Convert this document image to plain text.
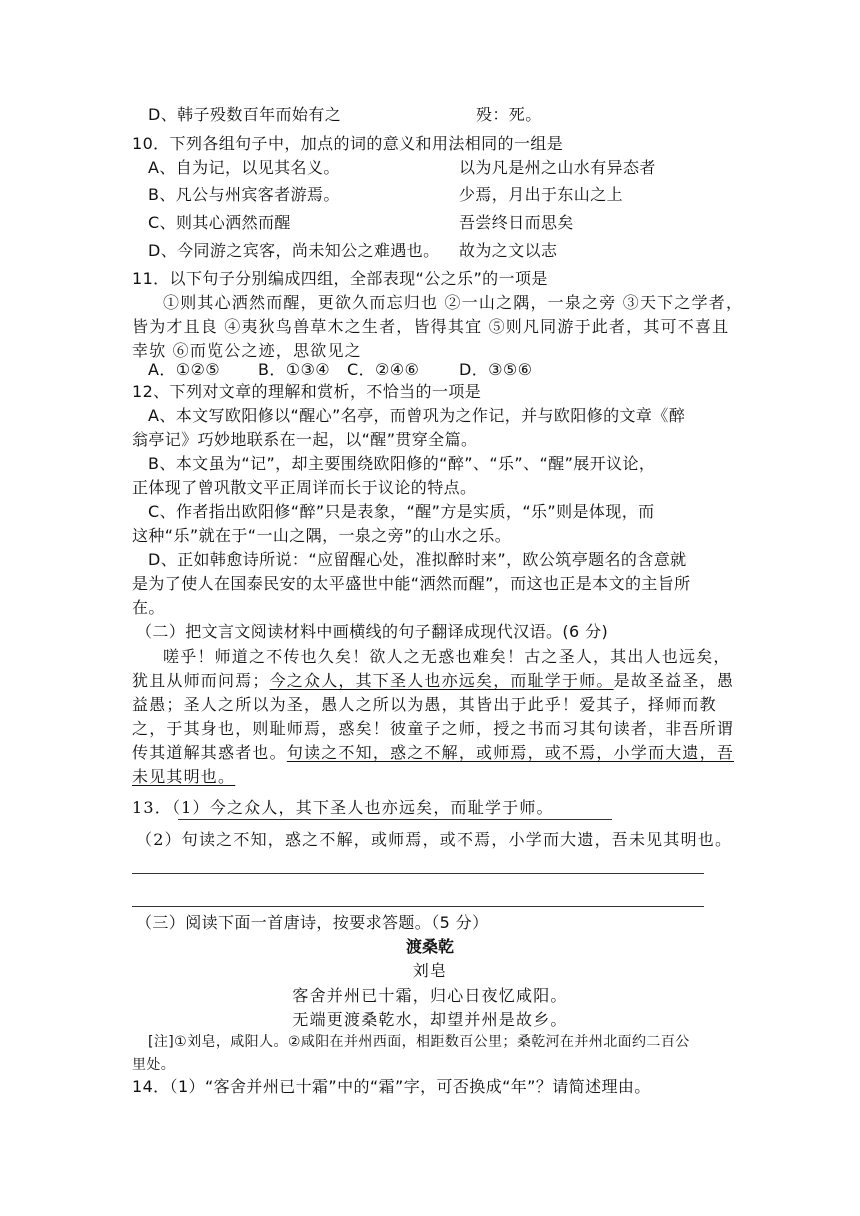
D、韩子殁数百年而始有之	殁：死。
10．下列各组句子中，加点的词的意义和用法相同的一组是
A、自为记，以见其名义。	以为凡是州之山水有异态者
B、凡公与州宾客者游焉。	少焉，月出于东山之上
C、则其心洒然而醒	吾尝终日而思矣
D、今同游之宾客，尚未知公之难遇也。 故为之文以志
11．以下句子分别编成四组，全部表现“公之乐”的一项是
①则其心洒然而醒，更欲久而忘归也 ②一山之隅，一泉之旁 ③天下之学者，
皆为才且良 ④夷狄鸟兽草木之生者，皆得其宜 ⑤则凡同游于此者，其可不喜且
幸欤 ⑥而览公之迹，思欲见之
A．①②⑤ B．①③④ C．②④⑥ D．③⑤⑥
12、下列对文章的理解和赏析，不恰当的一项是
A、本文写欧阳修以“醒心”名亭，而曾巩为之作记，并与欧阳修的文章《醉
翁亭记》巧妙地联系在一起，以“醒”贯穿全篇。
B、本文虽为“记”，却主要围绕欧阳修的“醉”、“乐”、“醒”展开议论，
正体现了曾巩散文平正周详而长于议论的特点。
C、作者指出欧阳修“醉”只是表象，“醒”方是实质，“乐”则是体现，而
这种“乐”就在于“一山之隅，一泉之旁”的山水之乐。
D、正如韩愈诗所说：“应留醒心处，准拟醉时来”，欧公筑亭题名的含意就
是为了使人在国泰民安的太平盛世中能“洒然而醒”，而这也正是本文的主旨所
在。
（二）把文言文阅读材料中画横线的句子翻译成现代汉语。(6 分)
嗟乎！师道之不传也久矣！欲人之无惑也难矣！古之圣人，其出人也远矣，
犹且从师而问焉；今之众人，其下圣人也亦远矣，而耻学于师。是故圣益圣，愚
益愚；圣人之所以为圣，愚人之所以为愚，其皆出于此乎！爱其子，择师而教
之，于其身也，则耻师焉，惑矣！彼童子之师，授之书而习其句读者，非吾所谓
传其道解其惑者也。句读之不知，惑之不解，或师焉，或不焉，小学而大遗，吾
未见其明也。
13．（1）今之众人，其下圣人也亦远矣，而耻学于师。
（2）句读之不知，惑之不解，或师焉，或不焉，小学而大遗，吾未见其明也。
（三）阅读下面一首唐诗，按要求答题。（5 分）
渡桑乾
刘皂
客舍并州已十霜，归心日夜忆咸阳。
无端更渡桑乾水，却望并州是故乡。
[注]①刘皂，咸阳人。②咸阳在并州西面，相距数百公里；桑乾河在并州北面约二百公
里处。
14．（1）“客舍并州已十霜”中的“霜”字，可否换成“年”？请简述理由。
